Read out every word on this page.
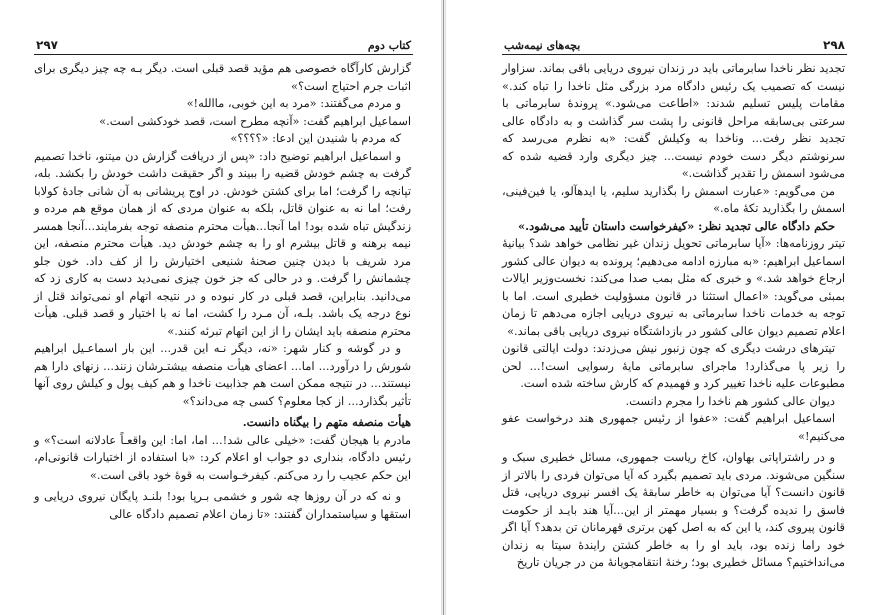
۲۹۷	کتاب دوم

گزارش کارآگاه خصوصی هم مؤید قصد قبلی است. دیگر بـه چه چیز دیگری برای اثبات جرم احتیاج است؟»

و مردم می‌گفتند: «مرد به این خوبی، ماالله!»

اسماعیل ابراهیم گفت: «آنچه مطرح است، قصد خودکشی است.»

که مردم با شنیدن این ادعا: «؟؟؟؟»

و اسماعیل ابراهیم توضیح داد: «پس از دریافت گزارش دن میتنو، ناخدا تصمیم گرفت به چشم خودش قضیه را ببیند و اگر حقیقت داشت خودش را بکشد. بله، تپانچه را گرفت؛ اما برای کشتن خودش. در اوج پریشانی به آن شانی جادهٔ کولابا رفت؛ اما نه به عنوان قاتل، بلکه به عنوان مردی که از همان موقع هم مرده و زندگیش تباه شده بود! اما آنجا...هیأت محترم منصفه توجه بفرمایند...آنجا همسر نیمه برهنه و قاتل بیشرم او را به چشم خودش دید. هیأت محترم منصفه، این مرد شریف با دیدن چنین صحنهٔ شنیعی اختیارش را از کف داد. خون جلو چشمانش را گرفت. و در حالی که جز خون چیزی نمی‌دید دست به کاری زد که می‌دانید. بنابراین، قصد قبلی در کار نبوده و در نتیجه اتهام او نمی‌تواند قتل از نوع درجه یک باشد. بلـه، آن مـرد را کشت، اما نه با اختیار و قصد قبلی. هیأت محترم منصفه باید ایشان را از این اتهام تبرئه کنند.»

و در گوشه و کنار شهر: «نه، دیگر نـه این قدر... این بار اسماعـیل ابراهیم شورش را درآورد... اما... اعضای هیأت منصفه بیشتـرشان زنند... زنهای دارا هم نیستند... در نتیجه ممکن است هم جذابیت ناخدا و هم کیف پول و کیلش روی آنها تأثیر بگذارد... از کجا معلوم؟ کسی چه می‌داند؟»

هیأت منصفه متهم را بیگناه دانست.

مادرم با هیجان گفت: «خیلی عالی شد!... اما، اما: این واقعـاً عادلانه است؟» و رئیس دادگاه، بنداری دو جواب او اعلام کرد: «با استفاده از اختیارات قانونی‌ام، این حکم عجیب را رد می‌کنم. کیفرخـواست به قوهٔ خود باقی است.»

و نه که در آن روزها چه شور و خشمی بـرپا بود! بلنـد پایگان نیروی دریایی و استقها و سیاستمداران گفتند: «تا زمان اعلام تصمیم دادگاه عالی

بچه‌های نیمه‌شب	۲۹۸

تجدید نظر ناخدا سابرماتی باید در زندان نیروی دریایی باقی بماند. سزاوار نیست که تصمیب یک رئیس دادگاه مرد بزرگی مثل ناخدا را تباه کند.» مقامات پلیس تسلیم شدند: «اطاعت می‌شود.» پروندهٔ سابرماتی با سرعتی بی‌سابقه مراحل قانونی را پشت سر گذاشت و به دادگاه عالی تجدید نظر رفت... وناخدا به وکیلش گفت: «به نظرم می‌رسد که سرنوشتم دیگر دست خودم نیست... چیز دیگری وارد قضیه شده که می‌شود اسمش را تقدیر گذاشت.»

من می‌گویم: «عبارت اسمش را بگذارید سلیم، یا ایدهآلو، یا فین‌فینی، اسمش را بگذارید تکهٔ ماه.»

حکم دادگاه عالی تجدید نظر: «کیفرخواست داستان تأیید می‌شود.»

تیتر روزنامه‌ها: «آیا سابرماتی تحویل زندان غیر نظامی خواهد شد؟ بیانیهٔ اسماعیل ابراهیم: «به مبارزه ادامه می‌دهیم؛ پرونده به دیوان عالی کشور ارجاع خواهد شد.» و خبری که مثل بمب صدا می‌کند: نخست‌وزیر ایالات بمبئی می‌گوید: «اعمال استثنا در قانون مسؤولیت خطیری است. اما با توجه به خدمات ناخدا سابرماتی به نیروی دریایی اجازه می‌دهم تا زمان اعلام تصمیم دیوان عالی کشور در بازداشتگاه نیروی دریایی باقی بماند.»

تیترهای درشت دیگری که چون زنبور نیش می‌زدند: دولت ایالتی قانون را زیر پا می‌گذارد! ماجرای سابرماتی مایهٔ رسوایی است!... لحن مطبوعات علیه ناخدا تغییر کرد و فهمیدم که کارش ساخته شده است.

دیوان عالی کشور هم ناخدا را مجرم دانست.

اسماعیل ابراهیم گفت: «عفوا از رئیس جمهوری هند درخواست عفو می‌کنیم!»

و در راشتراپاتی بهاوان، کاخ ریاست جمهوری، مسائل خطیری سبک و سنگین می‌شوند. مردی باید تصمیم بگیرد که آیا می‌توان فردی را بالاتر از قانون دانست؟ آیا می‌توان به خاطر سابقهٔ یک افسر نیروی دریایی، قتل فاسق را ندیده گرفت؟ و بسیار مهمتر از این...آیا هند بایـد از حکومت قانون پیروی کند، یا این که به اصل کهن برتری قهرمانان تن بدهد؟ آیا اگر خود راما زنده بود، باید او را به خاطر کشتن رایندهٔ سیتا به زندان می‌انداختیم؟ مسائل خطیری بود؛ رخنهٔ انتقامجویانهٔ من در جریان تاریخ
